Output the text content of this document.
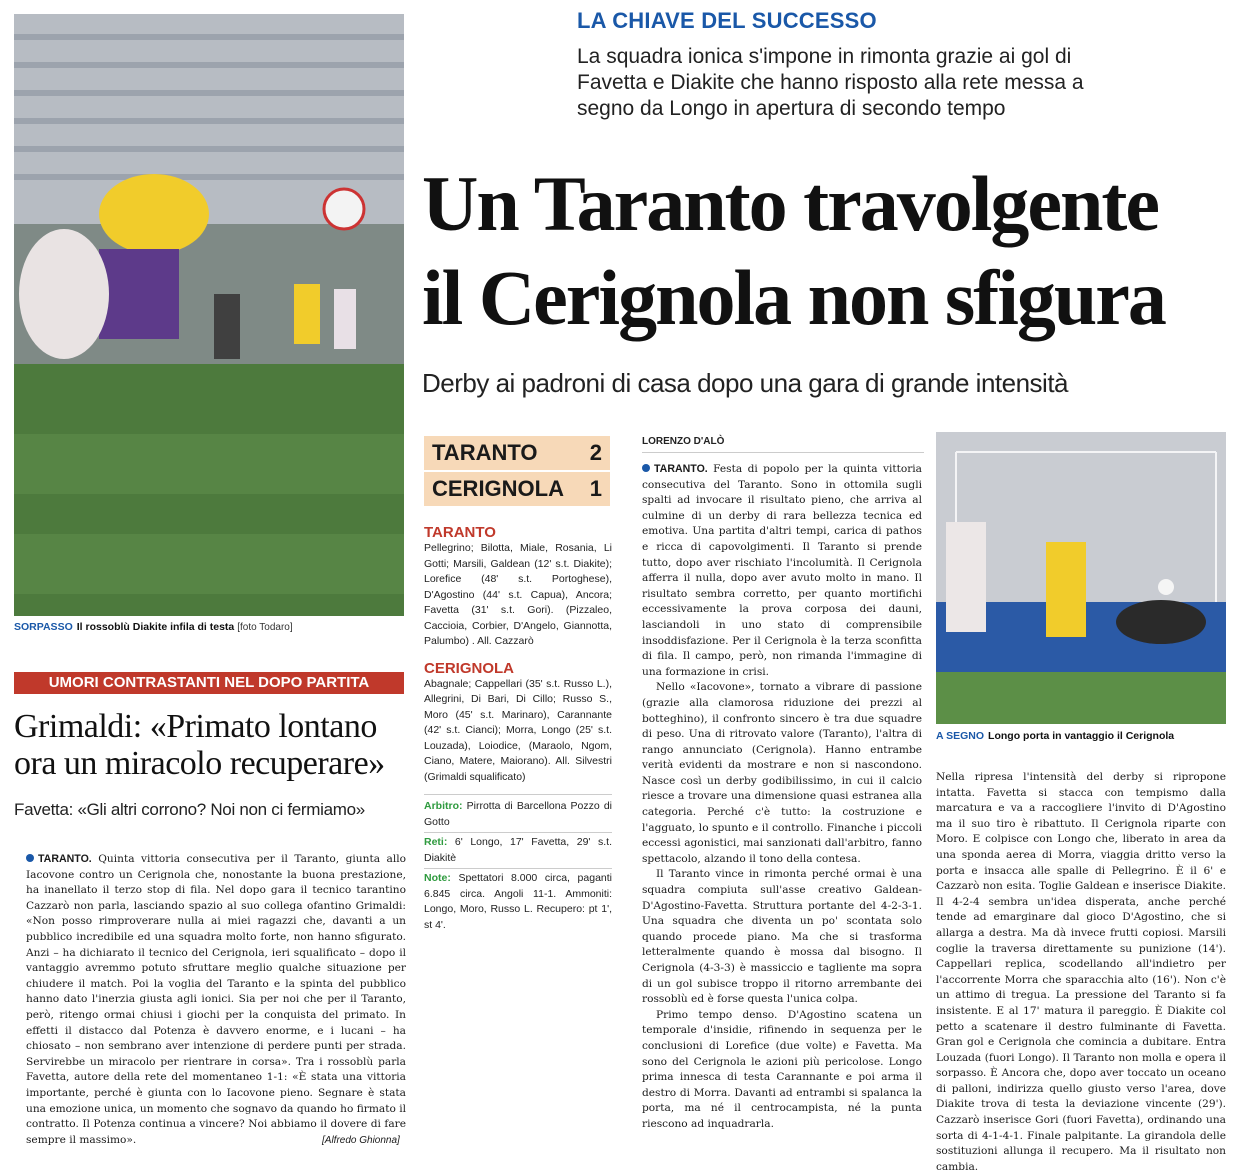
SORPASSO Il rossoblù Diakite infila di testa [foto Todaro]
LA CHIAVE DEL SUCCESSO
La squadra ionica s'impone in rimonta grazie ai gol di Favetta e Diakite che hanno risposto alla rete messa a segno da Longo in apertura di secondo tempo
Un Taranto travolgente
il Cerignola non sfigura
Derby ai padroni di casa dopo una gara di grande intensità
TARANTO 2
CERIGNOLA 1
TARANTO
Pellegrino; Bilotta, Miale, Rosania, Li Gotti; Marsili, Galdean (12' s.t. Diakite); Lorefice (48' s.t. Portoghese), D'Agostino (44' s.t. Capua), Ancora; Favetta (31' s.t. Gori). (Pizzaleo, Caccioia, Corbier, D'Angelo, Giannotta, Palumbo) . All. Cazzarò
CERIGNOLA
Abagnale; Cappellari (35' s.t. Russo L.), Allegrini, Di Bari, Di Cillo; Russo S., Moro (45' s.t. Marinaro), Carannante (42' s.t. Cianci); Morra, Longo (25' s.t. Louzada), Loiodice, (Maraolo, Ngom, Ciano, Matere, Maiorano). All. Silvestri (Grimaldi squalificato)
Arbitro: Pirrotta di Barcellona Pozzo di Gotto
Reti: 6' Longo, 17' Favetta, 29' s.t. Diakitè
Note: Spettatori 8.000 circa, paganti 6.845 circa. Angoli 11-1. Ammoniti: Longo, Moro, Russo L. Recupero: pt 1', st 4'.
LORENZO D'ALÒ

TARANTO. Festa di popolo per la quinta vittoria consecutiva del Taranto. Sono in ottomila sugli spalti ad invocare il risultato pieno, che arriva al culmine di un derby di rara bellezza tecnica ed emotiva. Una partita d'altri tempi, carica di pathos e ricca di capovolgimenti. Il Taranto si prende tutto, dopo aver rischiato l'incolumità. Il Cerignola afferra il nulla, dopo aver avuto molto in mano. Il risultato sembra corretto, per quanto mortifichi eccessivamente la prova corposa dei dauni, lasciandoli in uno stato di comprensibile insoddisfazione. Per il Cerignola è la terza sconfitta di fila. Il campo, però, non rimanda l'immagine di una formazione in crisi.

Nello «Iacovone», tornato a vibrare di passione (grazie alla clamorosa riduzione dei prezzi al botteghino), il confronto sincero è tra due squadre di peso. Una di ritrovato valore (Taranto), l'altra di rango annunciato (Cerignola). Hanno entrambe verità evidenti da mostrare e non si nascondono. Nasce così un derby godibilissimo, in cui il calcio riesce a trovare una dimensione quasi estranea alla categoria. Perché c'è tutto: la costruzione e l'agguato, lo spunto e il controllo. Finanche i piccoli eccessi agonistici, mai sanzionati dall'arbitro, fanno spettacolo, alzando il tono della contesa.

Il Taranto vince in rimonta perché ormai è una squadra compiuta sull'asse creativo Galdean-D'Agostino-Favetta. Struttura portante del 4-2-3-1. Una squadra che diventa un po' scontata solo quando procede piano. Ma che si trasforma letteralmente quando è mossa dal bisogno. Il Cerignola (4-3-3) è massiccio e tagliente ma sopra di un gol subisce troppo il ritorno arrembante dei rossoblù ed è forse questa l'unica colpa.

Primo tempo denso. D'Agostino scatena un temporale d'insidie, rifinendo in sequenza per le conclusioni di Lorefice (due volte) e Favetta. Ma sono del Cerignola le azioni più pericolose. Longo prima innesca di testa Carannante e poi arma il destro di Morra. Davanti ad entrambi si spalanca la porta, ma né il centrocampista, né la punta riescono ad inquadrarla.

A SEGNO Longo porta in vantaggio il Cerignola

Nella ripresa l'intensità del derby si ripropone intatta. Favetta si stacca con tempismo dalla marcatura e va a raccogliere l'invito di D'Agostino ma il suo tiro è ribattuto. Il Cerignola riparte con Moro. E colpisce con Longo che, liberato in area da una sponda aerea di Morra, viaggia dritto verso la porta e insacca alle spalle di Pellegrino. È il 6' e Cazzarò non esita. Toglie Galdean e inserisce Diakite. Il 4-2-4 sembra un'idea disperata, anche perché tende ad emarginare dal gioco D'Agostino, che si allarga a destra. Ma dà invece frutti copiosi. Marsili coglie la traversa direttamente su punizione (14'). Cappellari replica, scodellando all'indietro per l'accorrente Morra che sparacchia alto (16'). Non c'è un attimo di tregua. La pressione del Taranto si fa insistente. E al 17' matura il pareggio. È Diakite col petto a scatenare il destro fulminante di Favetta. Gran gol e Cerignola che comincia a dubitare. Entra Louzada (fuori Longo). Il Taranto non molla e opera il sorpasso. È Ancora che, dopo aver toccato un oceano di palloni, indirizza quello giusto verso l'area, dove Diakite trova di testa la deviazione vincente (29'). Cazzarò inserisce Gori (fuori Favetta), ordinando una sorta di 4-1-4-1. Finale palpitante. La girandola delle sostituzioni allunga il recupero. Ma il risultato non cambia.

UMORI CONTRASTANTI NEL DOPO PARTITA
Grimaldi: «Primato lontano
ora un miracolo recuperare»
Favetta: «Gli altri corrono? Noi non ci fermiamo»

TARANTO. Quinta vittoria consecutiva per il Taranto, giunta allo Iacovone contro un Cerignola che, nonostante la buona prestazione, ha inanellato il terzo stop di fila. Nel dopo gara il tecnico tarantino Cazzarò non parla, lasciando spazio al suo collega ofantino Grimaldi: «Non posso rimproverare nulla ai miei ragazzi che, davanti a un pubblico incredibile ed una squadra molto forte, non hanno sfigurato. Anzi – ha dichiarato il tecnico del Cerignola, ieri squalificato – dopo il vantaggio avremmo potuto sfruttare meglio qualche situazione per chiudere il match. Poi la voglia del Taranto e la spinta del pubblico hanno dato l'inerzia giusta agli ionici. Sia per noi che per il Taranto, però, ritengo ormai chiusi i giochi per la conquista del primato. In effetti il distacco dal Potenza è davvero enorme, e i lucani – ha chiosato – non sembrano aver intenzione di perdere punti per strada. Servirebbe un miracolo per rientrare in corsa». Tra i rossoblù parla Favetta, autore della rete del momentaneo 1-1: «È stata una vittoria importante, perché è giunta con lo Iacovone pieno. Segnare è stata una emozione unica, un momento che sognavo da quando ho firmato il contratto. Il Potenza continua a vincere? Noi abbiamo il dovere di fare sempre il massimo».	[Alfredo Ghionna]
